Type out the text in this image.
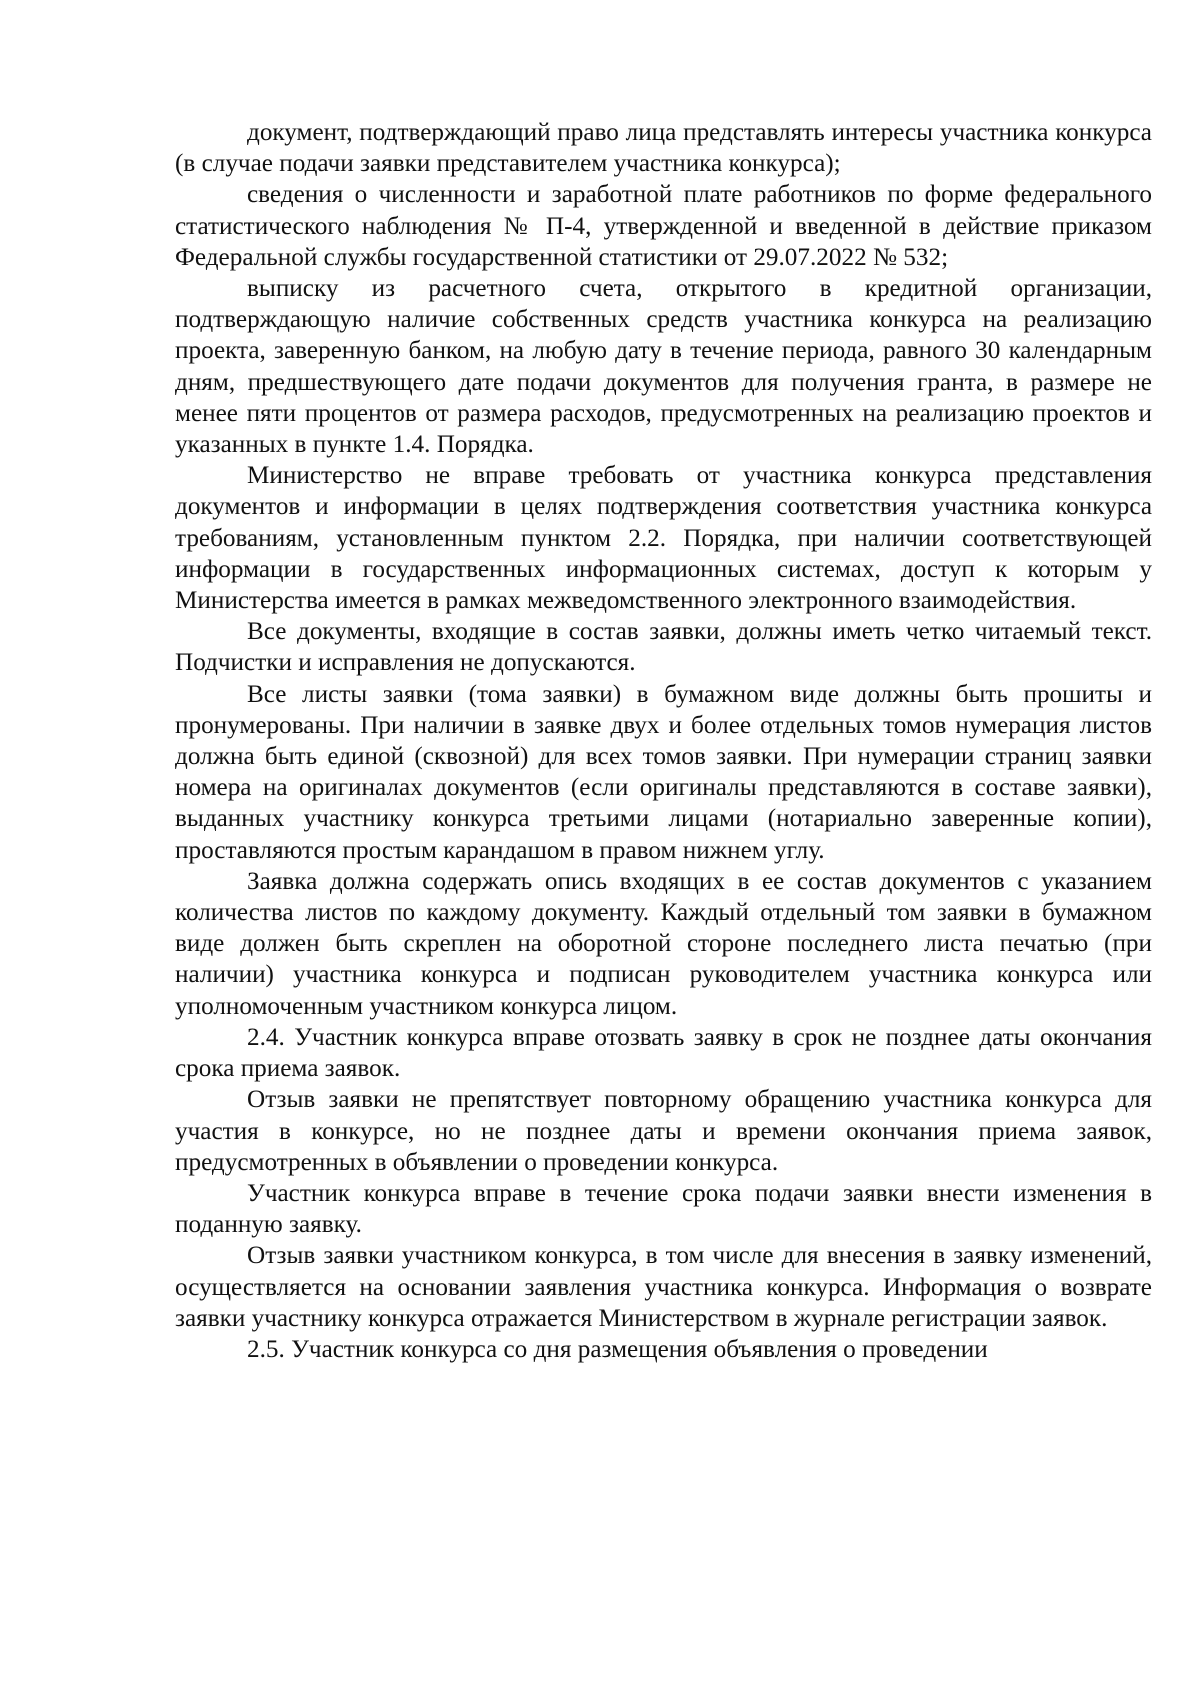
документ, подтверждающий право лица представлять интересы участника конкурса (в случае подачи заявки представителем участника конкурса);

сведения о численности и заработной плате работников по форме федерального статистического наблюдения № П-4, утвержденной и введенной в действие приказом Федеральной службы государственной статистики от 29.07.2022 № 532;

выписку из расчетного счета, открытого в кредитной организации, подтверждающую наличие собственных средств участника конкурса на реализацию проекта, заверенную банком, на любую дату в течение периода, равного 30 календарным дням, предшествующего дате подачи документов для получения гранта, в размере не менее пяти процентов от размера расходов, предусмотренных на реализацию проектов и указанных в пункте 1.4. Порядка.

Министерство не вправе требовать от участника конкурса представления документов и информации в целях подтверждения соответствия участника конкурса требованиям, установленным пунктом 2.2. Порядка, при наличии соответствующей информации в государственных информационных системах, доступ к которым у Министерства имеется в рамках межведомственного электронного взаимодействия.

Все документы, входящие в состав заявки, должны иметь четко читаемый текст. Подчистки и исправления не допускаются.

Все листы заявки (тома заявки) в бумажном виде должны быть прошиты и пронумерованы. При наличии в заявке двух и более отдельных томов нумерация листов должна быть единой (сквозной) для всех томов заявки. При нумерации страниц заявки номера на оригиналах документов (если оригиналы представляются в составе заявки), выданных участнику конкурса третьими лицами (нотариально заверенные копии), проставляются простым карандашом в правом нижнем углу.

Заявка должна содержать опись входящих в ее состав документов с указанием количества листов по каждому документу. Каждый отдельный том заявки в бумажном виде должен быть скреплен на оборотной стороне последнего листа печатью (при наличии) участника конкурса и подписан руководителем участника конкурса или уполномоченным участником конкурса лицом.

2.4. Участник конкурса вправе отозвать заявку в срок не позднее даты окончания срока приема заявок.

Отзыв заявки не препятствует повторному обращению участника конкурса для участия в конкурсе, но не позднее даты и времени окончания приема заявок, предусмотренных в объявлении о проведении конкурса.

Участник конкурса вправе в течение срока подачи заявки внести изменения в поданную заявку.

Отзыв заявки участником конкурса, в том числе для внесения в заявку изменений, осуществляется на основании заявления участника конкурса. Информация о возврате заявки участнику конкурса отражается Министерством в журнале регистрации заявок.

2.5. Участник конкурса со дня размещения объявления о проведении
